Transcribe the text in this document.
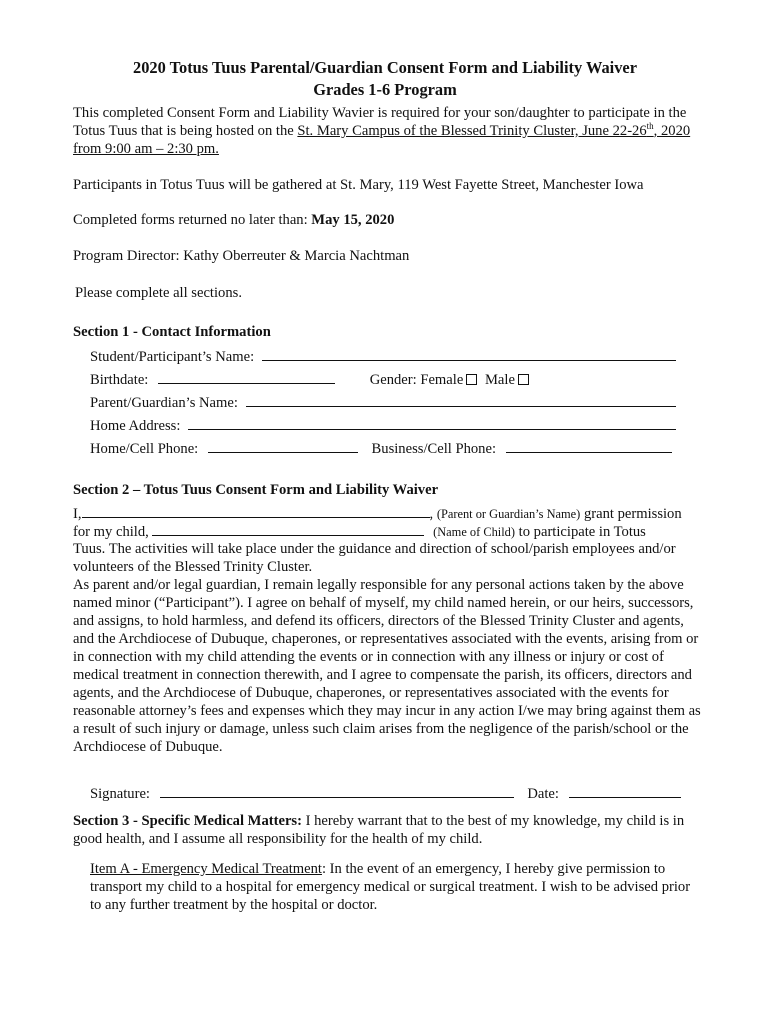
2020 Totus Tuus Parental/Guardian Consent Form and Liability Waiver
Grades 1-6 Program
This completed Consent Form and Liability Wavier is required for your son/daughter to participate in the Totus Tuus that is being hosted on the St. Mary Campus of the Blessed Trinity Cluster, June 22-26th, 2020 from 9:00 am – 2:30 pm.
Participants in Totus Tuus will be gathered at St. Mary, 119 West Fayette Street, Manchester Iowa
Completed forms returned no later than: May 15, 2020
Program Director: Kathy Oberreuter & Marcia Nachtman
Please complete all sections.
Section 1 - Contact Information
Student/Participant’s Name:
Birthdate:	Gender: Female Male
Parent/Guardian’s Name:
Home Address:
Home/Cell Phone:	Business/Cell Phone:
Section 2 – Totus Tuus Consent Form and Liability Waiver
I,	, (Parent or Guardian’s Name) grant permission
for my child,	(Name of Child) to participate in Totus
Tuus. The activities will take place under the guidance and direction of school/parish employees and/or volunteers of the Blessed Trinity Cluster.
As parent and/or legal guardian, I remain legally responsible for any personal actions taken by the above named minor (“Participant”). I agree on behalf of myself, my child named herein, or our heirs, successors, and assigns, to hold harmless, and defend its officers, directors of the Blessed Trinity Cluster and agents, and the Archdiocese of Dubuque, chaperones, or representatives associated with the events, arising from or in connection with my child attending the events or in connection with any illness or injury or cost of medical treatment in connection therewith, and I agree to compensate the parish, its officers, directors and agents, and the Archdiocese of Dubuque, chaperones, or representatives associated with the events for reasonable attorney’s fees and expenses which they may incur in any action I/we may bring against them as a result of such injury or damage, unless such claim arises from the negligence of the parish/school or the Archdiocese of Dubuque.
Signature:	Date:
Section 3 - Specific Medical Matters: I hereby warrant that to the best of my knowledge, my child is in good health, and I assume all responsibility for the health of my child.
Item A - Emergency Medical Treatment: In the event of an emergency, I hereby give permission to transport my child to a hospital for emergency medical or surgical treatment. I wish to be advised prior to any further treatment by the hospital or doctor.
